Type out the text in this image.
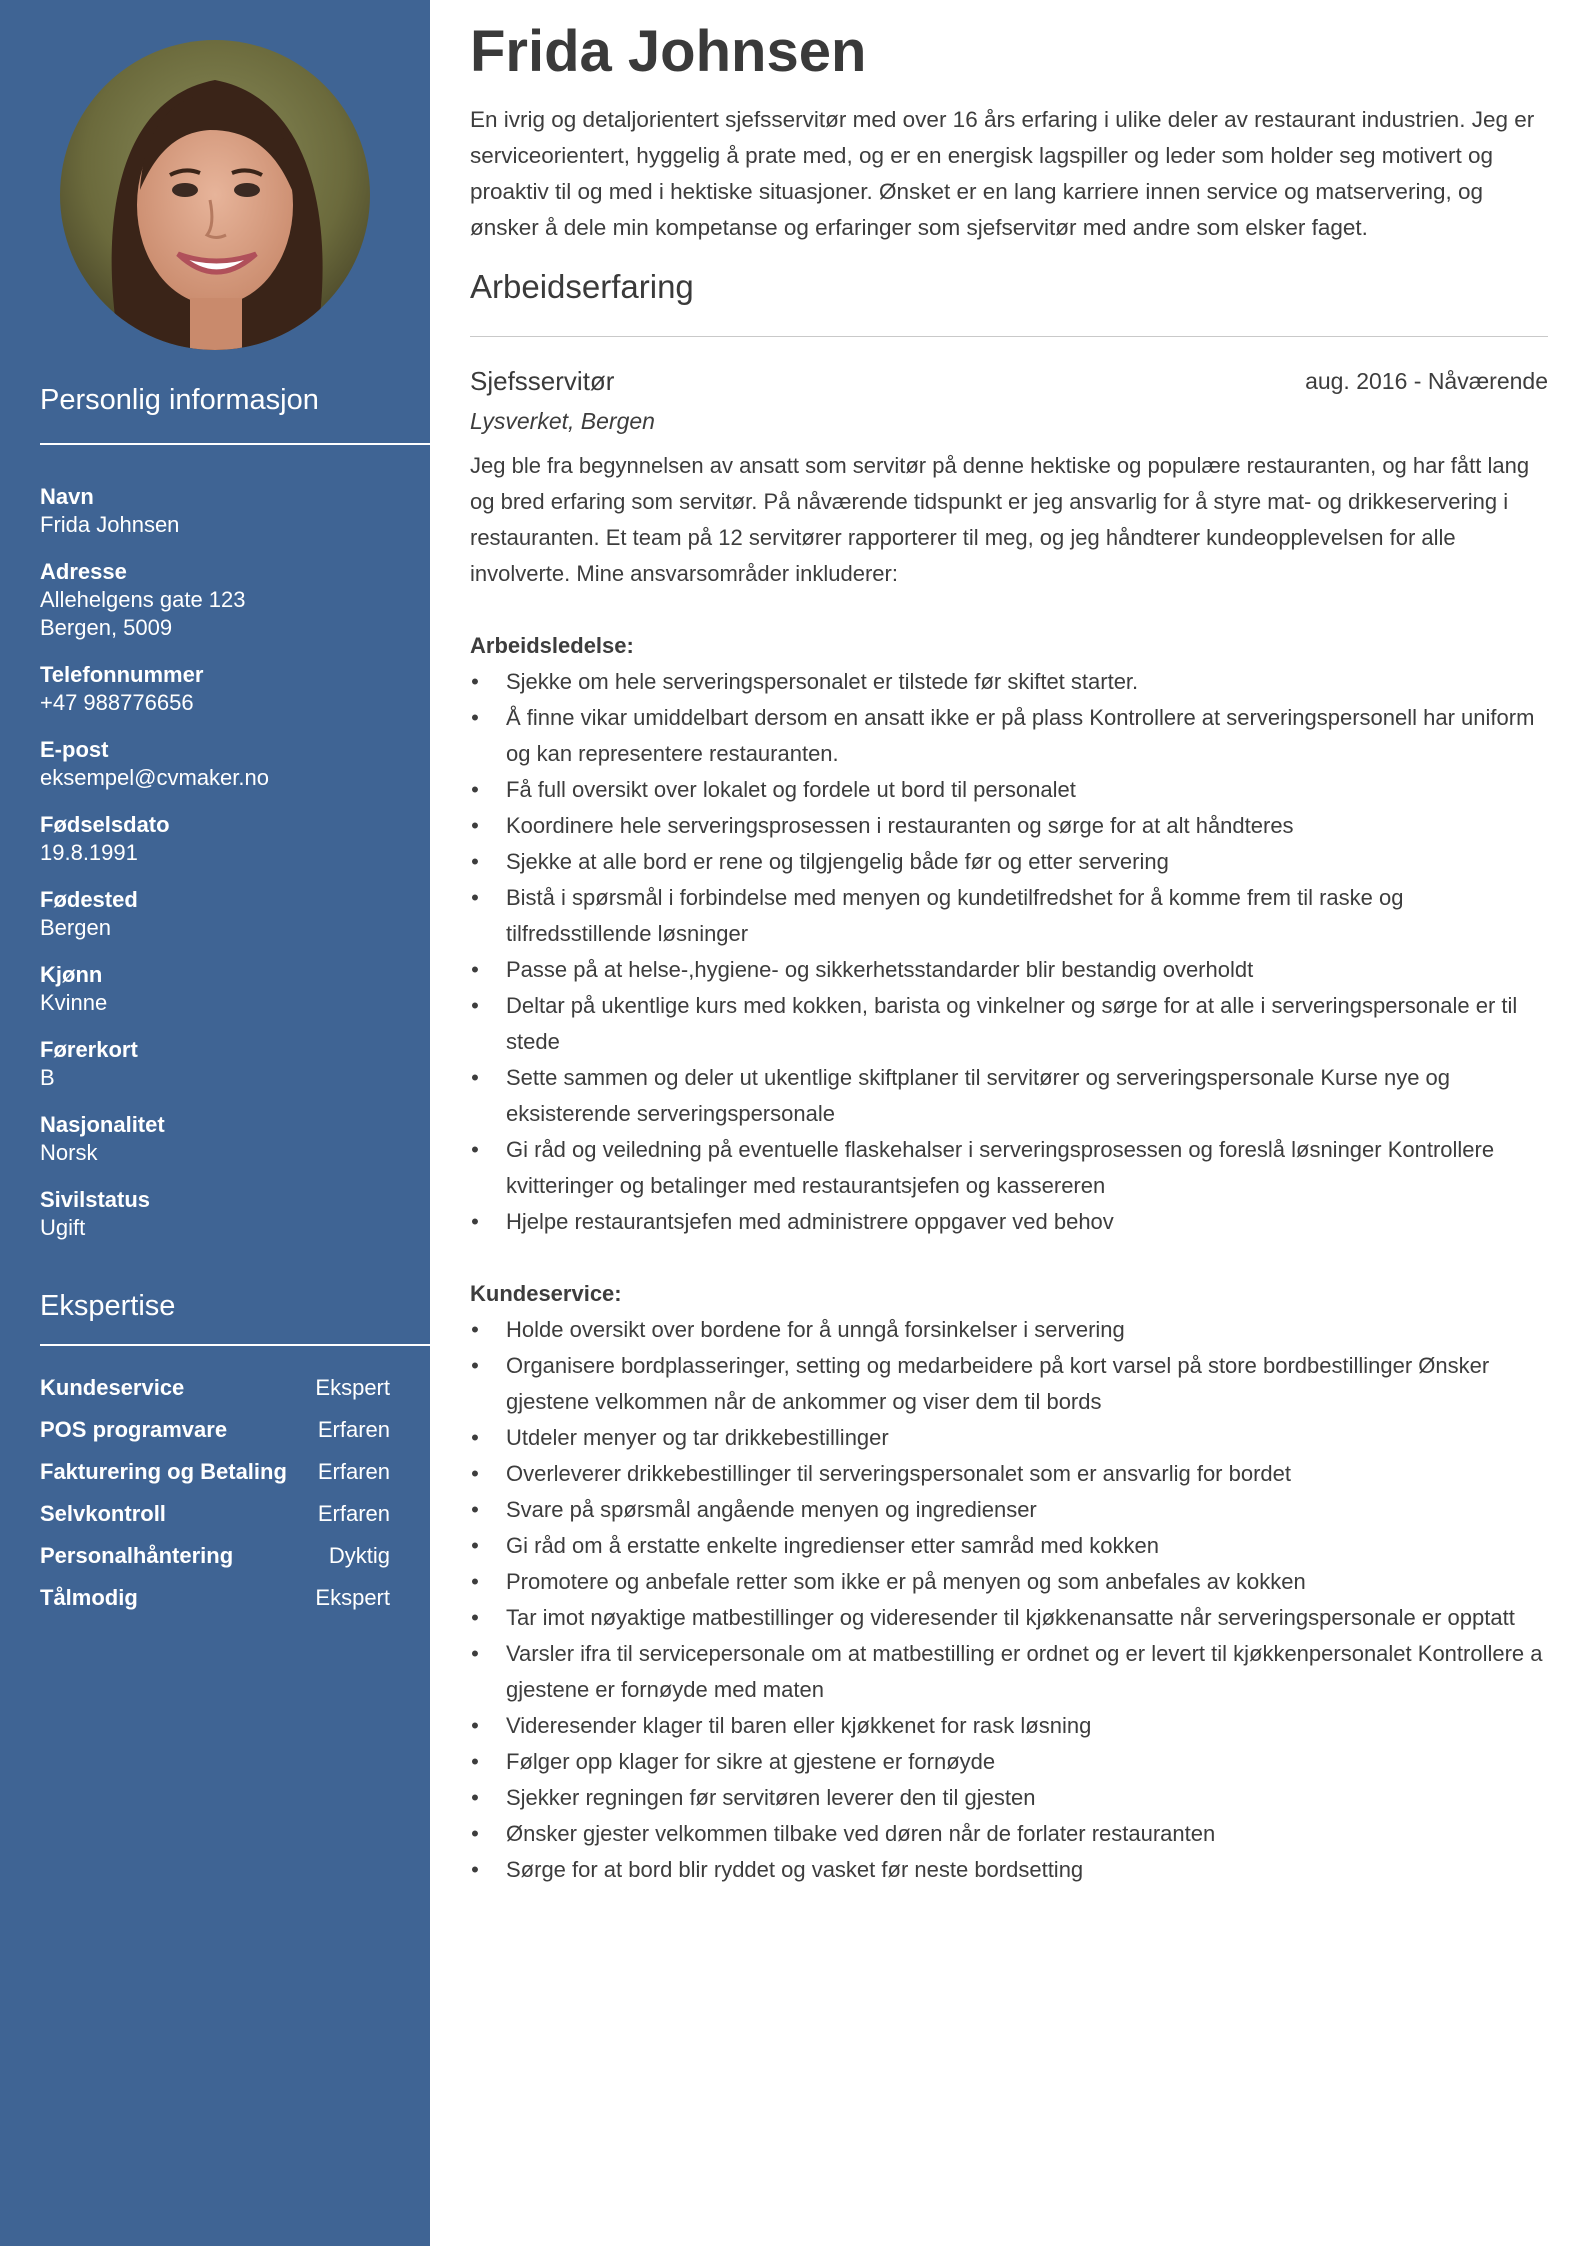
Personlig informasjon
Navn
Frida Johnsen
Adresse
Allehelgens gate 123
Bergen, 5009
Telefonnummer
+47 988776656
E-post
eksempel@cvmaker.no
Fødselsdato
19.8.1991
Fødested
Bergen
Kjønn
Kvinne
Førerkort
B
Nasjonalitet
Norsk
Sivilstatus
Ugift
Ekspertise
Kundeservice	Ekspert
POS programvare	Erfaren
Fakturering og Betaling Erfaren
Selvkontroll	Erfaren
Personalhåntering	Dyktig
Tålmodig	Ekspert
Frida Johnsen

En ivrig og detaljorientert sjefsservitør med over 16 års erfaring i ulike deler av restaurant industrien. Jeg er serviceorientert, hyggelig å prate med, og er en energisk lagspiller og leder som holder seg motivert og proaktiv til og med i hektiske situasjoner. Ønsket er en lang karriere innen service og matservering, og ønsker å dele min kompetanse og erfaringer som sjefservitør med andre som elsker faget.

Arbeidserfaring
Sjefsservitør	aug. 2016 - Nåværende
Lysverket, Bergen

Jeg ble fra begynnelsen av ansatt som servitør på denne hektiske og populære restauranten, og har fått lang og bred erfaring som servitør. På nåværende tidspunkt er jeg ansvarlig for å styre mat- og drikkeservering i restauranten. Et team på 12 servitører rapporterer til meg, og jeg håndterer kundeopplevelsen for alle involverte. Mine ansvarsområder inkluderer:

Arbeidsledelse:
• Sjekke om hele serveringspersonalet er tilstede før skiftet starter.
• Å finne vikar umiddelbart dersom en ansatt ikke er på plass Kontrollere at serveringspersonell har uniform og kan representere restauranten.
• Få full oversikt over lokalet og fordele ut bord til personalet
• Koordinere hele serveringsprosessen i restauranten og sørge for at alt håndteres
• Sjekke at alle bord er rene og tilgjengelig både før og etter servering
• Bistå i spørsmål i forbindelse med menyen og kundetilfredshet for å komme frem til raske og tilfredsstillende løsninger
• Passe på at helse-,hygiene- og sikkerhetsstandarder blir bestandig overholdt
• Deltar på ukentlige kurs med kokken, barista og vinkelner og sørge for at alle i serveringspersonale er til stede
• Sette sammen og deler ut ukentlige skiftplaner til servitører og serveringspersonale Kurse nye og eksisterende serveringspersonale
• Gi råd og veiledning på eventuelle flaskehalser i serveringsprosessen og foreslå løsninger Kontrollere kvitteringer og betalinger med restaurantsjefen og kassereren
• Hjelpe restaurantsjefen med administrere oppgaver ved behov
Kundeservice:
• Holde oversikt over bordene for å unngå forsinkelser i servering
• Organisere bordplasseringer, setting og medarbeidere på kort varsel på store bordbestillinger Ønsker gjestene velkommen når de ankommer og viser dem til bords
• Utdeler menyer og tar drikkebestillinger
• Overleverer drikkebestillinger til serveringspersonalet som er ansvarlig for bordet
• Svare på spørsmål angående menyen og ingredienser
• Gi råd om å erstatte enkelte ingredienser etter samråd med kokken
• Promotere og anbefale retter som ikke er på menyen og som anbefales av kokken
• Tar imot nøyaktige matbestillinger og videresender til kjøkkenansatte når serveringspersonale er opptatt
• Varsler ifra til servicepersonale om at matbestilling er ordnet og er levert til kjøkkenpersonalet Kontrollere a gjestene er fornøyde med maten
• Videresender klager til baren eller kjøkkenet for rask løsning
• Følger opp klager for sikre at gjestene er fornøyde
• Sjekker regningen før servitøren leverer den til gjesten
• Ønsker gjester velkommen tilbake ved døren når de forlater restauranten
• Sørge for at bord blir ryddet og vasket før neste bordsetting
